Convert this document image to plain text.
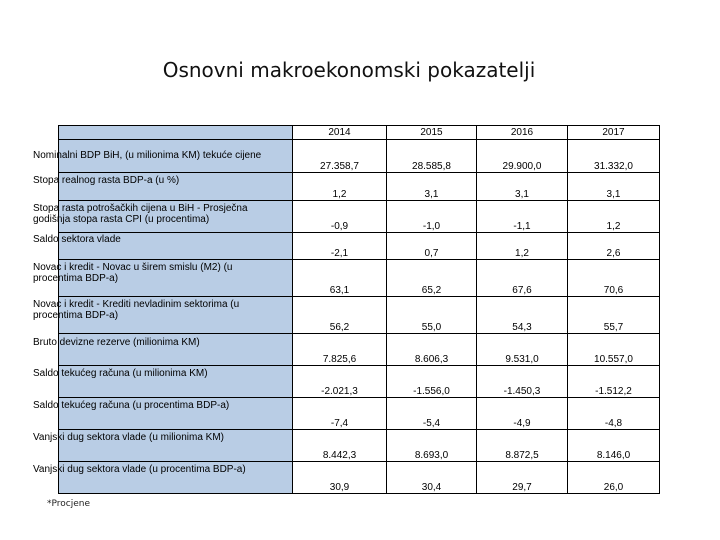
Osnovni makroekonomski pokazatelji
	2014	2015	2016	2017

Nominalni BDP BiH, (u milionima KM) tekuće cijene	27.358,7	28.585,8	29.900,0	31.332,0

Stopa realnog rasta BDP-a (u %)	1,2	3,1	3,1	3,1

Stopa rasta potrošačkih cijena u BiH - Prosječna godišnja stopa rasta CPI (u procentima)	-0,9	-1,0	-1,1	1,2

Saldo sektora vlade	-2,1	0,7	1,2	2,6

Novac i kredit - Novac u širem smislu (M2) (u procentima BDP-a)	63,1	65,2	67,6	70,6

Novac i kredit - Krediti nevladinim sektorima (u procentima BDP-a)	56,2	55,0	54,3	55,7

Bruto devizne rezerve (milionima KM)	7.825,6	8.606,3	9.531,0	10.557,0

Saldo tekućeg računa (u milionima KM)	-2.021,3	-1.556,0	-1.450,3	-1.512,2

Saldo tekućeg računa (u procentima BDP-a)	-7,4	-5,4	-4,9	-4,8

Vanjski dug sektora vlade (u milionima KM)	8.442,3	8.693,0	8.872,5	8.146,0

Vanjski dug sektora vlade (u procentima BDP-a)	30,9	30,4	29,7	26,0
*Procjene
